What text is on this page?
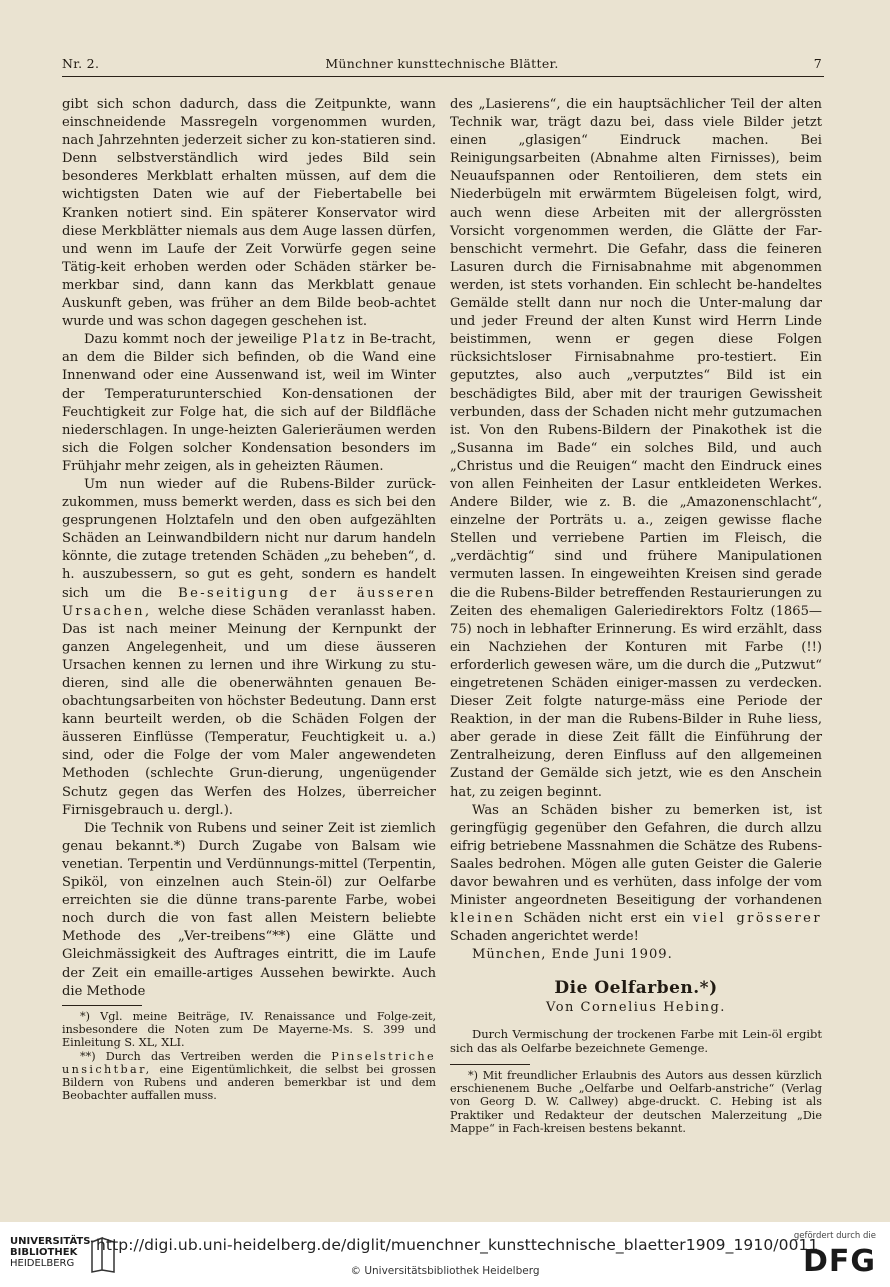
Nr. 2.	Münchner kunsttechnische Blätter.	7

gibt sich schon dadurch, dass die Zeitpunkte, wann einschneidende Massregeln vorgenommen wurden, nach Jahrzehnten jederzeit sicher zu kon-statieren sind. Denn selbstverständlich wird jedes Bild sein besonderes Merkblatt erhalten müssen, auf dem die wichtigsten Daten wie auf der Fiebertabelle bei Kranken notiert sind. Ein späterer Konservator wird diese Merkblätter niemals aus dem Auge lassen dürfen, und wenn im Laufe der Zeit Vorwürfe gegen seine Tätig-keit erhoben werden oder Schäden stärker be-merkbar sind, dann kann das Merkblatt genaue Auskunft geben, was früher an dem Bilde beob-achtet wurde und was schon dagegen geschehen ist.

Dazu kommt noch der jeweilige Platz in Be-tracht, an dem die Bilder sich befinden, ob die Wand eine Innenwand oder eine Aussenwand ist, weil im Winter der Temperaturunterschied Kon-densationen der Feuchtigkeit zur Folge hat, die sich auf der Bildfläche niederschlagen. In unge-heizten Galerieräumen werden sich die Folgen solcher Kondensation besonders im Frühjahr mehr zeigen, als in geheizten Räumen.

Um nun wieder auf die Rubens-Bilder zurück-zukommen, muss bemerkt werden, dass es sich bei den gesprungenen Holztafeln und den oben aufgezählten Schäden an Leinwandbildern nicht nur darum handeln könnte, die zutage tretenden Schäden „zu beheben“, d. h. auszubessern, so gut es geht, sondern es handelt sich um die Be-seitigung der äusseren Ursachen, welche diese Schäden veranlasst haben. Das ist nach meiner Meinung der Kernpunkt der ganzen Angelegenheit, und um diese äusseren Ursachen kennen zu lernen und ihre Wirkung zu stu-dieren, sind alle die obenerwähnten genauen Be-obachtungsarbeiten von höchster Bedeutung. Dann erst kann beurteilt werden, ob die Schäden Folgen der äusseren Einflüsse (Temperatur, Feuchtigkeit u. a.) sind, oder die Folge der vom Maler angewendeten Methoden (schlechte Grun-dierung, ungenügender Schutz gegen das Werfen des Holzes, überreicher Firnisgebrauch u. dergl.).

Die Technik von Rubens und seiner Zeit ist ziemlich genau bekannt.*) Durch Zugabe von Balsam wie venetian. Terpentin und Verdünnungs-mittel (Terpentin, Spiköl, von einzelnen auch Stein-öl) zur Oelfarbe erreichten sie die dünne trans-parente Farbe, wobei noch durch die von fast allen Meistern beliebte Methode des „Ver-treibens“**) eine Glätte und Gleichmässigkeit des Auftrages eintritt, die im Laufe der Zeit ein emaille-artiges Aussehen bewirkte. Auch die Methode

*) Vgl. meine Beiträge, IV. Renaissance und Folge-zeit, insbesondere die Noten zum De Mayerne-Ms. S. 399 und Einleitung S. XL, XLI.

**) Durch das Vertreiben werden die Pinselstriche unsichtbar, eine Eigentümlichkeit, die selbst bei grossen Bildern von Rubens und anderen bemerkbar ist und dem Beobachter auffallen muss.

des „Lasierens“, die ein hauptsächlicher Teil der alten Technik war, trägt dazu bei, dass viele Bilder jetzt einen „glasigen“ Eindruck machen. Bei Reinigungsarbeiten (Abnahme alten Firnisses), beim Neuaufspannen oder Rentoilieren, dem stets ein Niederbügeln mit erwärmtem Bügeleisen folgt, wird, auch wenn diese Arbeiten mit der allergrössten Vorsicht vorgenommen werden, die Glätte der Far-benschicht vermehrt. Die Gefahr, dass die feineren Lasuren durch die Firnisabnahme mit abgenommen werden, ist stets vorhanden. Ein schlecht be-handeltes Gemälde stellt dann nur noch die Unter-malung dar und jeder Freund der alten Kunst wird Herrn Linde beistimmen, wenn er gegen diese Folgen rücksichtsloser Firnisabnahme pro-testiert. Ein geputztes, also auch „verputztes“ Bild ist ein beschädigtes Bild, aber mit der traurigen Gewissheit verbunden, dass der Schaden nicht mehr gutzumachen ist. Von den Rubens-Bildern der Pinakothek ist die „Susanna im Bade“ ein solches Bild, und auch „Christus und die Reuigen“ macht den Eindruck eines von allen Feinheiten der Lasur entkleideten Werkes. Andere Bilder, wie z. B. die „Amazonenschlacht“, einzelne der Porträts u. a., zeigen gewisse flache Stellen und verriebene Partien im Fleisch, die „verdächtig“ sind und frühere Manipulationen vermuten lassen. In eingeweihten Kreisen sind gerade die die Rubens-Bilder betreffenden Restaurierungen zu Zeiten des ehemaligen Galeriedirektors Foltz (1865—75) noch in lebhafter Erinnerung. Es wird erzählt, dass ein Nachziehen der Konturen mit Farbe (!!) erforderlich gewesen wäre, um die durch die „Putzwut“ eingetretenen Schäden einiger-massen zu verdecken. Dieser Zeit folgte naturge-mäss eine Periode der Reaktion, in der man die Rubens-Bilder in Ruhe liess, aber gerade in diese Zeit fällt die Einführung der Zentralheizung, deren Einfluss auf den allgemeinen Zustand der Gemälde sich jetzt, wie es den Anschein hat, zu zeigen beginnt.

Was an Schäden bisher zu bemerken ist, ist geringfügig gegenüber den Gefahren, die durch allzu eifrig betriebene Massnahmen die Schätze des Rubens-Saales bedrohen. Mögen alle guten Geister die Galerie davor bewahren und es verhüten, dass infolge der vom Minister angeordneten Beseitigung der vorhandenen kleinen Schäden nicht erst ein viel grösserer Schaden angerichtet werde!

München, Ende Juni 1909.

Die Oelfarben.*)
Von Cornelius Hebing.

Durch Vermischung der trockenen Farbe mit Lein-öl ergibt sich das als Oelfarbe bezeichnete Gemenge.

*) Mit freundlicher Erlaubnis des Autors aus dessen kürzlich erschienenem Buche „Oelfarbe und Oelfarb-anstriche“ (Verlag von Georg D. W. Callwey) abge-druckt. C. Hebing ist als Praktiker und Redakteur der deutschen Malerzeitung „Die Mappe“ in Fach-kreisen bestens bekannt.

UNIVERSITÄTS-
BIBLIOTHEK
HEIDELBERG
http://digi.ub.uni-heidelberg.de/diglit/muenchner_kunsttechnische_blaetter1909_1910/0011
© Universitätsbibliothek Heidelberg
gefördert durch die
DFG
